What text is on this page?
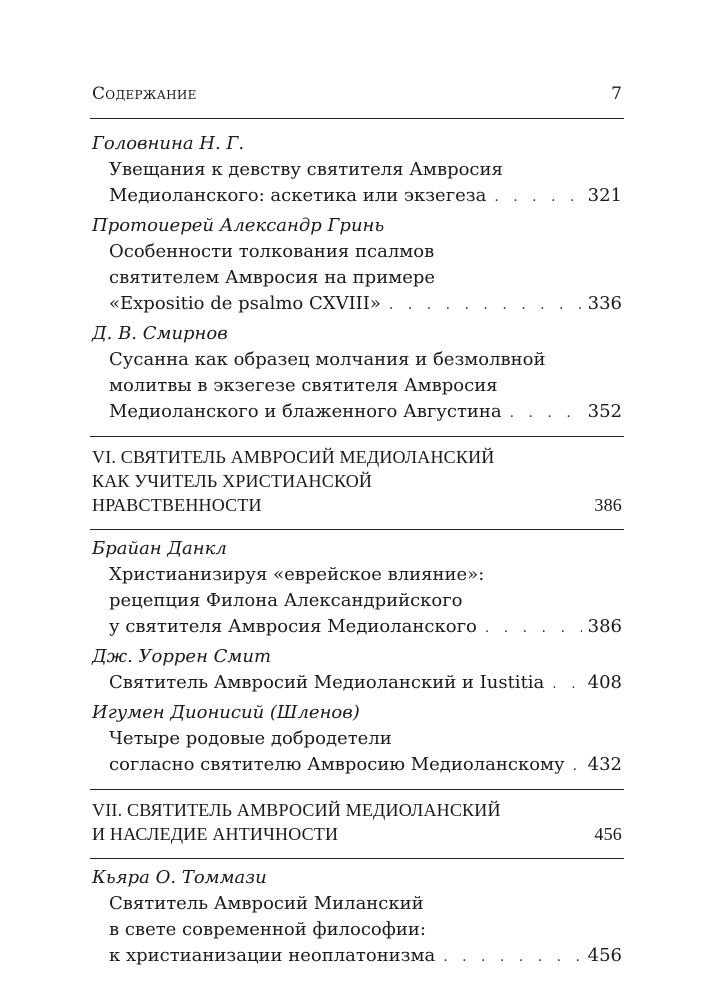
Содержание	7
Головнина Н. Г.
Увещания к девству святителя Амвросия
Медиоланского: аскетика или экзегеза . . .	321
Протоиерей Александр Гринь
Особенности толкования псалмов
святителем Амвросия на примере
«Expositio de psalmo CXVIII» . . .	336
Д. В. Смирнов
Сусанна как образец молчания и безмолвной
молитвы в экзегезе святителя Амвросия
Медиоланского и блаженного Августина . . .	352
VI. СВЯТИТЕЛЬ АМВРОСИЙ МЕДИОЛАНСКИЙ
КАК УЧИТЕЛЬ ХРИСТИАНСКОЙ
НРАВСТВЕННОСТИ	386
Брайан Данкл
Христианизируя «еврейское влияние»:
рецепция Филона Александрийского
у святителя Амвросия Медиоланского . . .	386
Дж. Уоррен Смит
Святитель Амвросий Медиоланский и Iustitia . . . 408
Игумен Дионисий (Шленов)
Четыре родовые добродетели
согласно святителю Амвросию Медиоланскому . . . 432
VII. СВЯТИТЕЛЬ АМВРОСИЙ МЕДИОЛАНСКИЙ
И НАСЛЕДИЕ АНТИЧНОСТИ	456
Кьяра О. Томмази
Святитель Амвросий Миланский
в свете современной философии:
к христианизации неоплатонизма . . .	456
